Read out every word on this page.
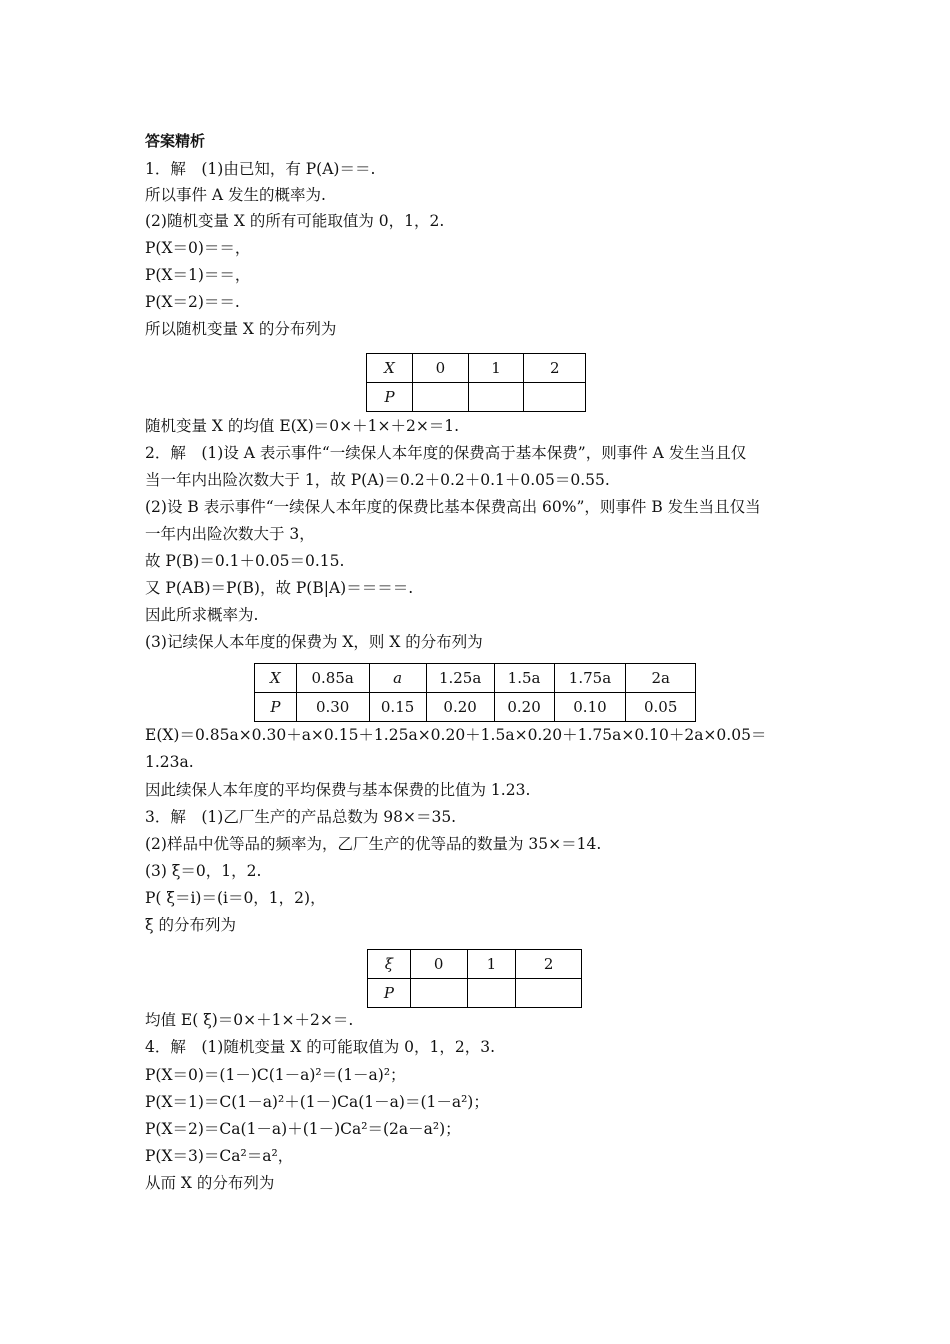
答案精析
1．解　(1)由已知，有 P(A)＝＝.
所以事件 A 发生的概率为.
(2)随机变量 X 的所有可能取值为 0，1，2.
P(X＝0)＝＝，
P(X＝1)＝＝，
P(X＝2)＝＝.
所以随机变量 X 的分布列为
X	0	1	2
P			
随机变量 X 的均值 E(X)＝0×＋1×＋2×＝1.
2．解　(1)设 A 表示事件“一续保人本年度的保费高于基本保费”，则事件 A 发生当且仅
当一年内出险次数大于 1，故 P(A)＝0.2＋0.2＋0.1＋0.05＝0.55.
(2)设 B 表示事件“一续保人本年度的保费比基本保费高出 60%”，则事件 B 发生当且仅当
一年内出险次数大于 3，
故 P(B)＝0.1＋0.05＝0.15.
又 P(AB)＝P(B)，故 P(B|A)＝＝＝＝.
因此所求概率为.
(3)记续保人本年度的保费为 X，则 X 的分布列为
X	0.85a	a	1.25a	1.5a	1.75a	2a
P	0.30	0.15	0.20	0.20	0.10	0.05
E(X)＝0.85a×0.30＋a×0.15＋1.25a×0.20＋1.5a×0.20＋1.75a×0.10＋2a×0.05＝
1.23a.
因此续保人本年度的平均保费与基本保费的比值为 1.23.
3．解　(1)乙厂生产的产品总数为 98×＝35.
(2)样品中优等品的频率为，乙厂生产的优等品的数量为 35×＝14.
(3) ξ＝0，1，2.
P( ξ＝i)＝(i＝0，1，2)，
ξ 的分布列为
ξ	0	1	2
P			
均值 E( ξ)＝0×＋1×＋2×＝.
4．解　(1)随机变量 X 的可能取值为 0，1，2，3.
P(X＝0)＝(1－)C(1－a)²＝(1－a)²；
P(X＝1)＝C(1－a)²＋(1－)Ca(1－a)＝(1－a²)；
P(X＝2)＝Ca(1－a)＋(1－)Ca²＝(2a－a²)；
P(X＝3)＝Ca²＝a²，
从而 X 的分布列为
